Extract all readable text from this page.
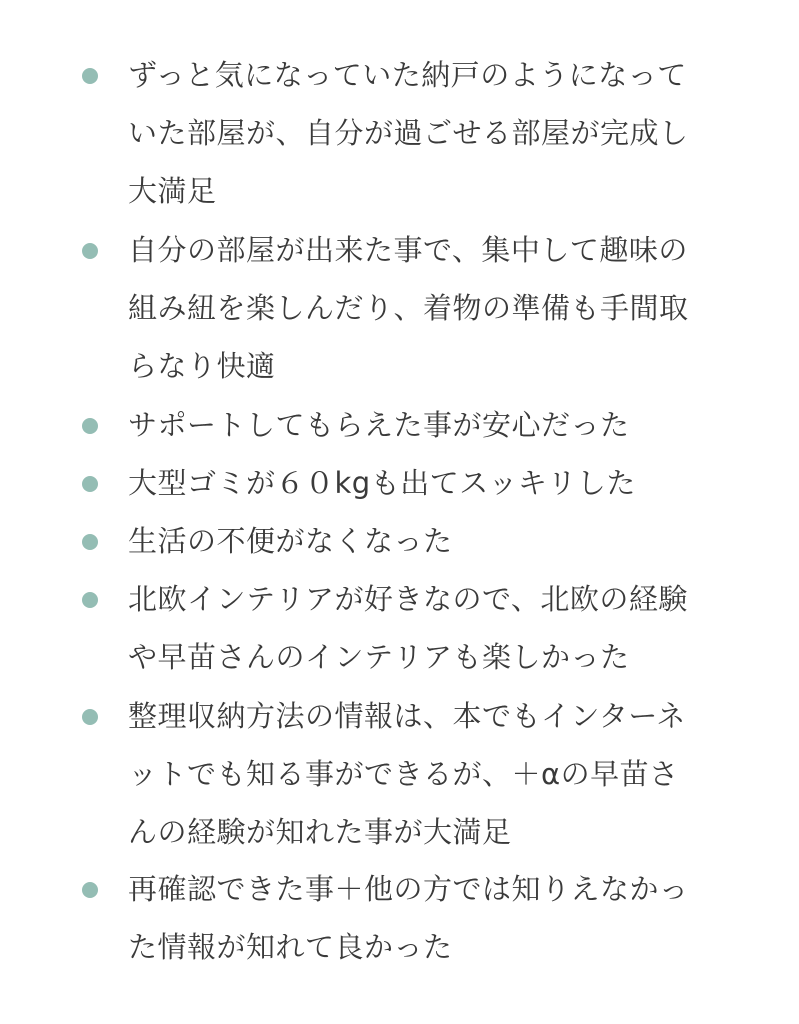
ずっと気になっていた納戸のようになって
いた部屋が、自分が過ごせる部屋が完成し
大満足
自分の部屋が出来た事で、集中して趣味の
組み紐を楽しんだり、着物の準備も手間取
らなり快適
サポートしてもらえた事が安心だった
大型ゴミが６０kgも出てスッキリした
生活の不便がなくなった
北欧インテリアが好きなので、北欧の経験
や早苗さんのインテリアも楽しかった
整理収納方法の情報は、本でもインターネ
ットでも知る事ができるが、＋αの早苗さ
んの経験が知れた事が大満足
再確認できた事＋他の方では知りえなかっ
た情報が知れて良かった
